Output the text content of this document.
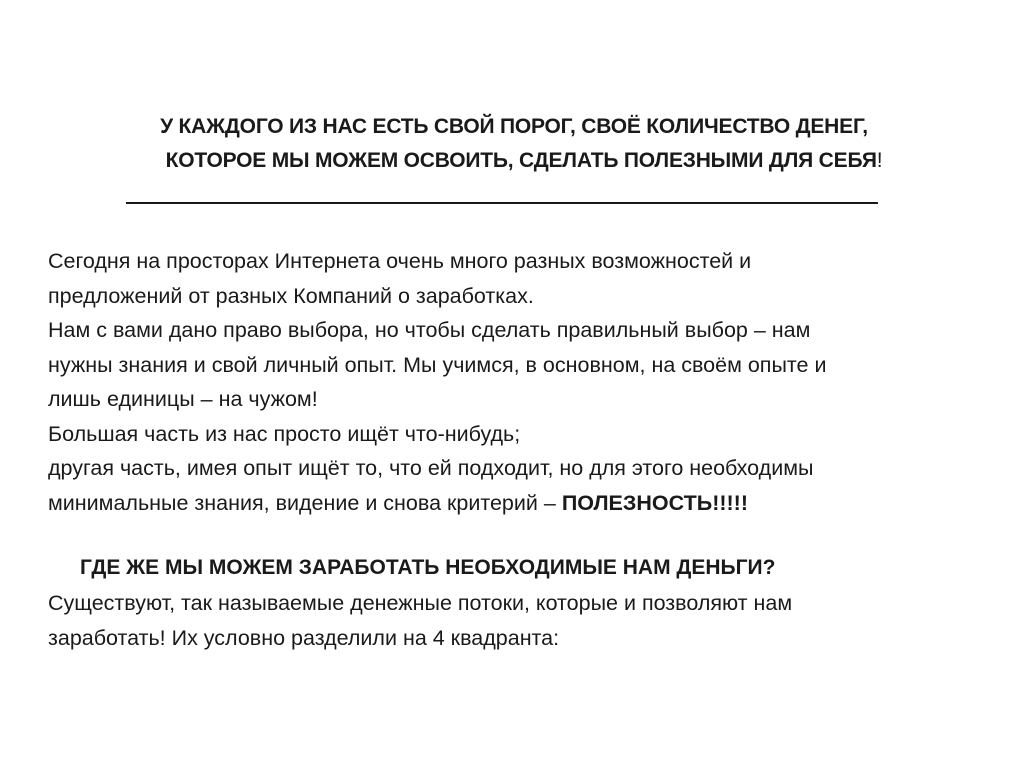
У КАЖДОГО ИЗ НАС ЕСТЬ СВОЙ ПОРОГ, СВОЁ КОЛИЧЕСТВО ДЕНЕГ,
КОТОРОЕ МЫ МОЖЕМ ОСВОИТЬ, СДЕЛАТЬ ПОЛЕЗНЫМИ ДЛЯ СЕБЯ!

Сегодня на просторах Интернета очень много разных возможностей и

предложений от разных Компаний о заработках.

Нам с вами дано право выбора, но чтобы сделать правильный выбор – нам

нужны знания и свой личный опыт. Мы учимся, в основном, на своём опыте и

лишь единицы – на чужом!

Большая часть из нас просто ищёт что-нибудь;

другая часть, имея опыт ищёт то, что ей подходит, но для этого необходимы

минимальные знания, видение и снова критерий – ПОЛЕЗНОСТЬ!!!!!

ГДЕ ЖЕ МЫ МОЖЕМ ЗАРАБОТАТЬ НЕОБХОДИМЫЕ НАМ ДЕНЬГИ?

Существуют, так называемые денежные потоки, которые и позволяют нам

заработать! Их условно разделили на 4 квадранта:
